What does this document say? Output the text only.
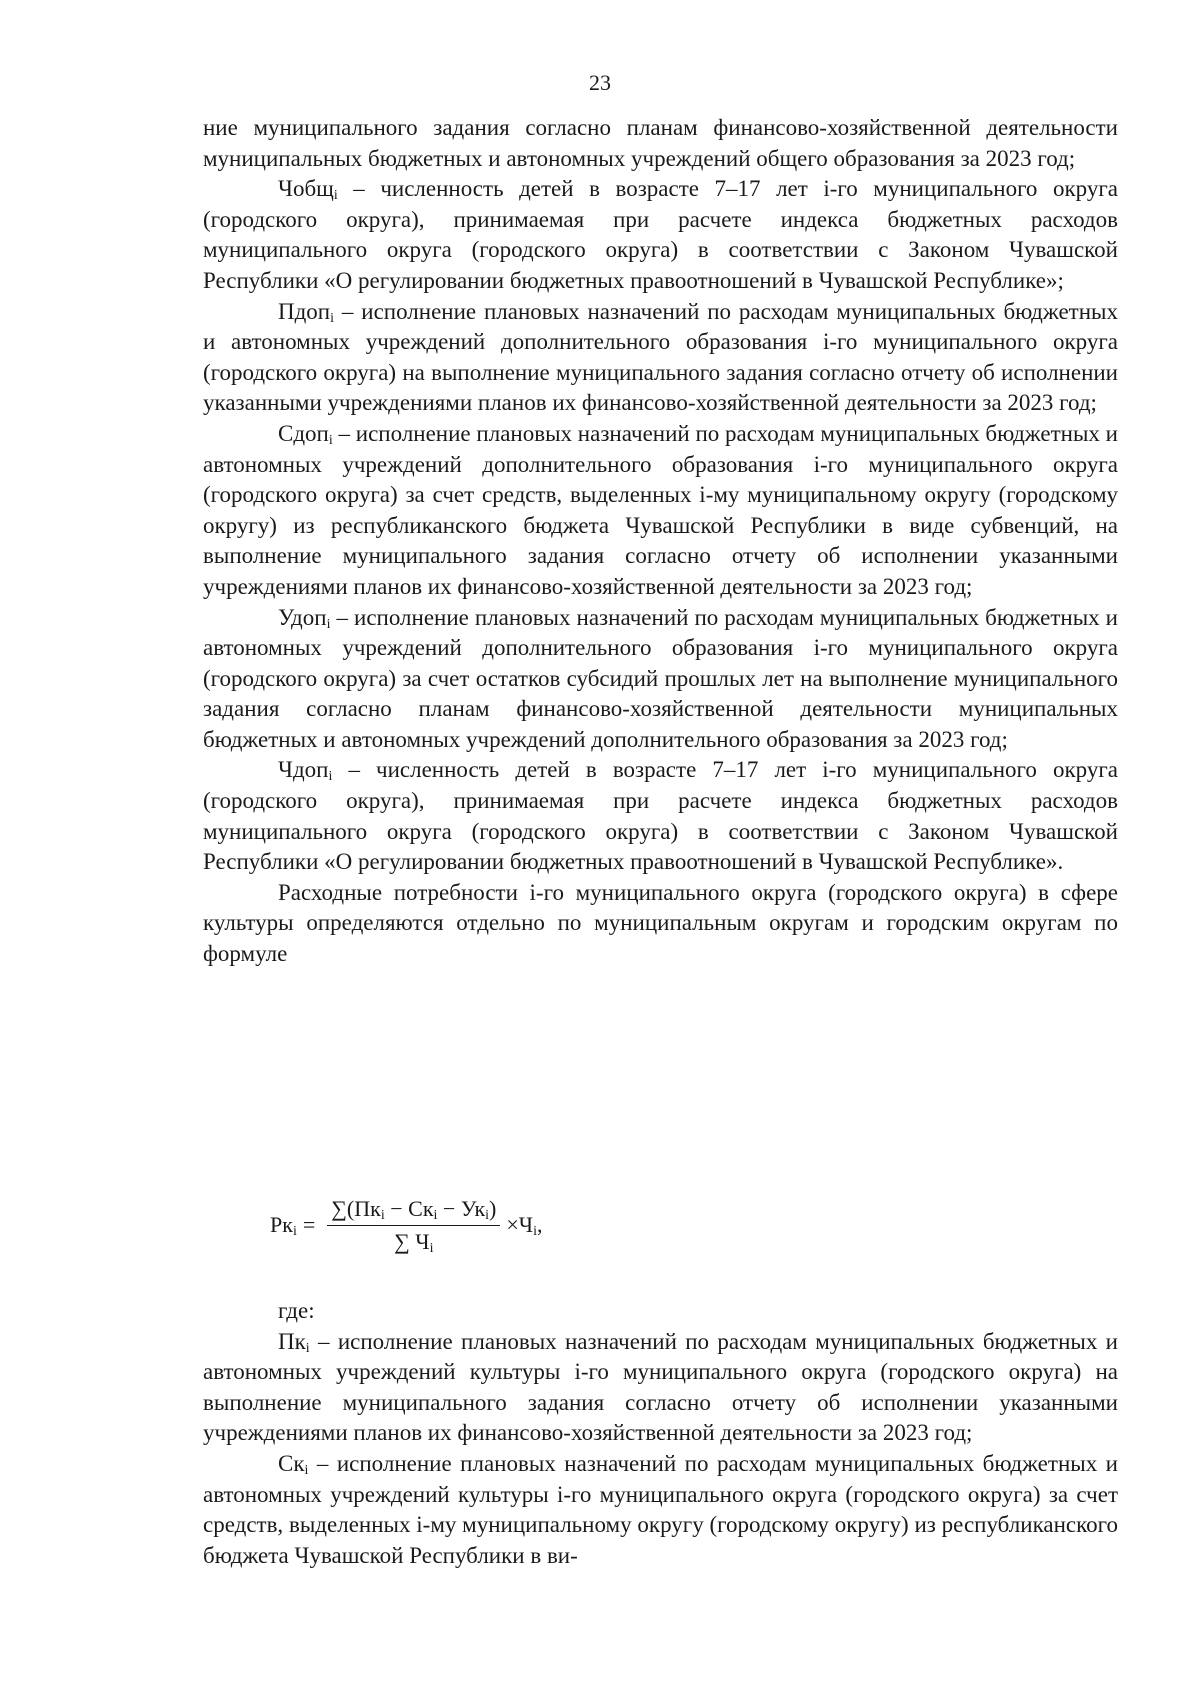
23

ние муниципального задания согласно планам финансово-хозяйственной деятельности муниципальных бюджетных и автономных учреждений общего образования за 2023 год;

Чобщ$_i$ – численность детей в возрасте 7–17 лет i-го муниципального округа (городского округа), принимаемая при расчете индекса бюджетных расходов муниципального округа (городского округа) в соответствии с Законом Чувашской Республики «О регулировании бюджетных правоотношений в Чувашской Республике»;

Пдоп$_i$ – исполнение плановых назначений по расходам муниципальных бюджетных и автономных учреждений дополнительного образования i-го муниципального округа (городского округа) на выполнение муниципального задания согласно отчету об исполнении указанными учреждениями планов их финансово-хозяйственной деятельности за 2023 год;

Сдоп$_i$ – исполнение плановых назначений по расходам муниципальных бюджетных и автономных учреждений дополнительного образования i-го муниципального округа (городского округа) за счет средств, выделенных i-му муниципальному округу (городскому округу) из республиканского бюджета Чувашской Республики в виде субвенций, на выполнение муниципального задания согласно отчету об исполнении указанными учреждениями планов их финансово-хозяйственной деятельности за 2023 год;

Удоп$_i$ – исполнение плановых назначений по расходам муниципальных бюджетных и автономных учреждений дополнительного образования i-го муниципального округа (городского округа) за счет остатков субсидий прошлых лет на выполнение муниципального задания согласно планам финансово-хозяйственной деятельности муниципальных бюджетных и автономных учреждений дополнительного образования за 2023 год;

Чдоп$_i$ – численность детей в возрасте 7–17 лет i-го муниципального округа (городского округа), принимаемая при расчете индекса бюджетных расходов муниципального округа (городского округа) в соответствии с Законом Чувашской Республики «О регулировании бюджетных правоотношений в Чувашской Республике».

Расходные потребности i-го муниципального округа (городского округа) в сфере культуры определяются отдельно по муниципальным округам и городским округам по формуле

$Рк_i = \frac{\sum(Пк_i - Ск_i - Ук_i)}{\sum Ч_i} \times Ч_i$ ,

где:

$Пк_i$ – исполнение плановых назначений по расходам муниципальных бюджетных и автономных учреждений культуры i-го муниципального округа (городского округа) на выполнение муниципального задания согласно отчету об исполнении указанными учреждениями планов их финансово-хозяйственной деятельности за 2023 год;

$Ск_i$ – исполнение плановых назначений по расходам муниципальных бюджетных и автономных учреждений культуры i-го муниципального округа (городского округа) за счет средств, выделенных i-му муниципальному округу (городскому округу) из республиканского бюджета Чувашской Республики в ви-
